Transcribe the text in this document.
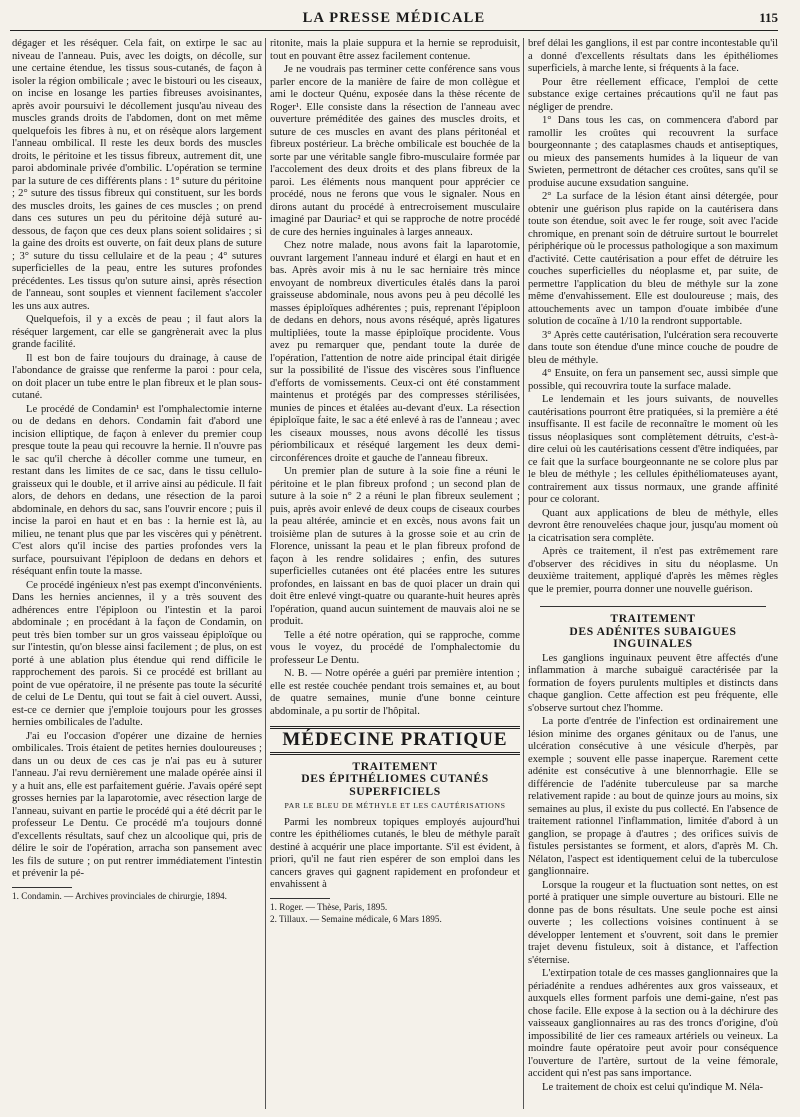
LA PRESSE MÉDICALE	115

dégager et les réséquer. Cela fait, on extirpe le sac au niveau de l'anneau. Puis, avec les doigts, on décolle, sur une certaine étendue, les tissus sous-cutanés, de façon à isoler la région ombilicale ; avec le bistouri ou les ciseaux, on incise en losange les parties fibreuses avoisinantes, après avoir poursuivi le décollement jusqu'au niveau des muscles grands droits de l'abdomen, dont on met même quelquefois les fibres à nu, et on résèque alors largement l'anneau ombilical. Il reste les deux bords des muscles droits, le péritoine et les tissus fibreux, autrement dit, une paroi abdominale privée d'ombilic. L'opération se termine par la suture de ces différents plans : 1° suture du péritoine ; 2° suture des tissus fibreux qui constituent, sur les bords des muscles droits, les gaines de ces muscles ; on prend dans ces sutures un peu du péritoine déjà suturé au-dessous, de façon que ces deux plans soient solidaires ; si la gaine des droits est ouverte, on fait deux plans de suture ; 3° suture du tissu cellulaire et de la peau ; 4° sutures superficielles de la peau, entre les sutures profondes précédentes. Les tissus qu'on suture ainsi, après résection de l'anneau, sont souples et viennent facilement s'accoler les uns aux autres.

Quelquefois, il y a excès de peau ; il faut alors la réséquer largement, car elle se gangrènerait avec la plus grande facilité.

Il est bon de faire toujours du drainage, à cause de l'abondance de graisse que renferme la paroi : pour cela, on doit placer un tube entre le plan fibreux et le plan sous-cutané.

Le procédé de Condamin¹ est l'omphalectomie interne ou de dedans en dehors. Condamin fait d'abord une incision elliptique, de façon à enlever du premier coup presque toute la peau qui recouvre la hernie. Il n'ouvre pas le sac qu'il cherche à décoller comme une tumeur, en restant dans les limites de ce sac, dans le tissu cellulo-graisseux qui le double, et il arrive ainsi au pédicule. Il fait alors, de dehors en dedans, une résection de la paroi abdominale, en dehors du sac, sans l'ouvrir encore ; puis il incise la paroi en haut et en bas : la hernie est là, au milieu, ne tenant plus que par les viscères qui y pénètrent. C'est alors qu'il incise des parties profondes vers la surface, poursuivant l'épiploon de dedans en dehors et réséquant enfin toute la masse.

Ce procédé ingénieux n'est pas exempt d'inconvénients. Dans les hernies anciennes, il y a très souvent des adhérences entre l'épiploon ou l'intestin et la paroi abdominale ; en procédant à la façon de Condamin, on peut très bien tomber sur un gros vaisseau épiploïque ou sur l'intestin, qu'on blesse ainsi facilement ; de plus, on est porté à une ablation plus étendue qui rend difficile le rapprochement des parois. Si ce procédé est brillant au point de vue opératoire, il ne présente pas toute la sécurité de celui de Le Dentu, qui tout se fait à ciel ouvert. Aussi, est-ce ce dernier que j'emploie toujours pour les grosses hernies ombilicales de l'adulte.

J'ai eu l'occasion d'opérer une dizaine de hernies ombilicales. Trois étaient de petites hernies douloureuses ; dans un ou deux de ces cas je n'ai pas eu à suturer l'anneau. J'ai revu dernièrement une malade opérée ainsi il y a huit ans, elle est parfaitement guérie. J'avais opéré sept grosses hernies par la laparotomie, avec résection large de l'anneau, suivant en partie le procédé qui a été décrit par le professeur Le Dentu. Ce procédé m'a toujours donné d'excellents résultats, sauf chez un alcoolique qui, pris de délire le soir de l'opération, arracha son pansement avec les fils de suture ; on put rentrer immédiatement l'intestin et prévenir la pé-

1. Condamin. — Archives provinciales de chirurgie, 1894.

ritonite, mais la plaie suppura et la hernie se reproduisit, tout en pouvant être assez facilement contenue.

Je ne voudrais pas terminer cette conférence sans vous parler encore de la manière de faire de mon collègue et ami le docteur Quénu, exposée dans la thèse récente de Roger¹. Elle consiste dans la résection de l'anneau avec ouverture préméditée des gaines des muscles droits, et suture de ces muscles en avant des plans péritonéal et fibreux postérieur. La brèche ombilicale est bouchée de la sorte par une véritable sangle fibro-musculaire formée par l'accolement des deux droits et des plans fibreux de la paroi. Les éléments nous manquent pour apprécier ce procédé, nous ne ferons que vous le signaler. Nous en dirons autant du procédé à entrecroisement musculaire imaginé par Dauriac² et qui se rapproche de notre procédé de cure des hernies inguinales à larges anneaux.

Chez notre malade, nous avons fait la laparotomie, ouvrant largement l'anneau induré et élargi en haut et en bas. Après avoir mis à nu le sac herniaire très mince envoyant de nombreux diverticules étalés dans la paroi graisseuse abdominale, nous avons peu à peu décollé les masses épiploïques adhérentes ; puis, reprenant l'épiploon de dedans en dehors, nous avons réséqué, après ligatures multipliées, toute la masse épiploïque procidente. Vous avez pu remarquer que, pendant toute la durée de l'opération, l'attention de notre aide principal était dirigée sur la possibilité de l'issue des viscères sous l'influence d'efforts de vomissements. Ceux-ci ont été constamment maintenus et protégés par des compresses stérilisées, munies de pinces et étalées au-devant d'eux. La résection épiploïque faite, le sac a été enlevé à ras de l'anneau ; avec les ciseaux mousses, nous avons décollé les tissus périombilicaux et réséqué largement les deux demi-circonférences droite et gauche de l'anneau fibreux.

Un premier plan de suture à la soie fine a réuni le péritoine et le plan fibreux profond ; un second plan de suture à la soie n° 2 a réuni le plan fibreux seulement ; puis, après avoir enlevé de deux coups de ciseaux courbes la peau altérée, amincie et en excès, nous avons fait un troisième plan de sutures à la grosse soie et au crin de Florence, unissant la peau et le plan fibreux profond de façon à les rendre solidaires ; enfin, des sutures superficielles cutanées ont été placées entre les sutures profondes, en laissant en bas de quoi placer un drain qui doit être enlevé vingt-quatre ou quarante-huit heures après l'opération, quand aucun suintement de mauvais aloi ne se produit.

Telle a été notre opération, qui se rapproche, comme vous le voyez, du procédé de l'omphalectomie du professeur Le Dentu.

N. B. — Notre opérée a guéri par première intention ; elle est restée couchée pendant trois semaines et, au bout de quatre semaines, munie d'une bonne ceinture abdominale, a pu sortir de l'hôpital.

MÉDECINE PRATIQUE
TRAITEMENT
DES ÉPITHÉLIOMES CUTANÉS SUPERFICIELS
PAR LE BLEU DE MÉTHYLE ET LES CAUTÉRISATIONS

Parmi les nombreux topiques employés aujourd'hui contre les épithéliomes cutanés, le bleu de méthyle paraît destiné à acquérir une place importante. S'il est évident, à priori, qu'il ne faut rien espérer de son emploi dans les cancers graves qui gagnent rapidement en profondeur et envahissent à

1. Roger. — Thèse, Paris, 1895.

2. Tillaux. — Semaine médicale, 6 Mars 1895.

bref délai les ganglions, il est par contre incontestable qu'il a donné d'excellents résultats dans les épithéliomes superficiels, à marche lente, si fréquents à la face.

Pour être réellement efficace, l'emploi de cette substance exige certaines précautions qu'il ne faut pas négliger de prendre.

1° Dans tous les cas, on commencera d'abord par ramollir les croûtes qui recouvrent la surface bourgeonnante ; des cataplasmes chauds et antiseptiques, ou mieux des pansements humides à la liqueur de van Swieten, permettront de détacher ces croûtes, sans qu'il se produise aucune exsudation sanguine.

2° La surface de la lésion étant ainsi détergée, pour obtenir une guérison plus rapide on la cautérisera dans toute son étendue, soit avec le fer rouge, soit avec l'acide chromique, en prenant soin de détruire surtout le bourrelet périphérique où le processus pathologique a son maximum d'activité. Cette cautérisation a pour effet de détruire les couches superficielles du néoplasme et, par suite, de permettre l'application du bleu de méthyle sur la zone même d'envahissement. Elle est douloureuse ; mais, des attouchements avec un tampon d'ouate imbibée d'une solution de cocaïne à 1/10 la rendront supportable.

3° Après cette cautérisation, l'ulcération sera recouverte dans toute son étendue d'une mince couche de poudre de bleu de méthyle.

4° Ensuite, on fera un pansement sec, aussi simple que possible, qui recouvrira toute la surface malade.

Le lendemain et les jours suivants, de nouvelles cautérisations pourront être pratiquées, si la première a été insuffisante. Il est facile de reconnaître le moment où les tissus néoplasiques sont complètement détruits, c'est-à-dire celui où les cautérisations cessent d'être indiquées, par ce fait que la surface bourgeonnante ne se colore plus par le bleu de méthyle ; les cellules épithéliomateuses ayant, contrairement aux tissus normaux, une grande affinité pour ce colorant.

Quant aux applications de bleu de méthyle, elles devront être renouvelées chaque jour, jusqu'au moment où la cicatrisation sera complète.

Après ce traitement, il n'est pas extrêmement rare d'observer des récidives in situ du néoplasme. Un deuxième traitement, appliqué d'après les mêmes règles que le premier, pourra donner une nouvelle guérison.

TRAITEMENT
DES ADÉNITES SUBAIGUES INGUINALES

Les ganglions inguinaux peuvent être affectés d'une inflammation à marche subaiguë caractérisée par la formation de foyers purulents multiples et distincts dans chaque ganglion. Cette affection est peu fréquente, elle s'observe surtout chez l'homme.

La porte d'entrée de l'infection est ordinairement une lésion minime des organes génitaux ou de l'anus, une ulcération consécutive à une vésicule d'herpès, par exemple ; souvent elle passe inaperçue. Rarement cette adénite est consécutive à une blennorrhagie. Elle se différencie de l'adénite tuberculeuse par sa marche relativement rapide : au bout de quinze jours au moins, six semaines au plus, il existe du pus collecté. En l'absence de traitement rationnel l'inflammation, limitée d'abord à un ganglion, se propage à d'autres ; des orifices suivis de fistules persistantes se forment, et alors, d'après M. Ch. Nélaton, l'aspect est identiquement celui de la tuberculose ganglionnaire.

Lorsque la rougeur et la fluctuation sont nettes, on est porté à pratiquer une simple ouverture au bistouri. Elle ne donne pas de bons résultats. Une seule poche est ainsi ouverte ; les collections voisines continuent à se développer lentement et s'ouvrent, soit dans le premier trajet devenu fistuleux, soit à distance, et l'affection s'éternise.

L'extirpation totale de ces masses ganglionnaires que la périadénite a rendues adhérentes aux gros vaisseaux, et auxquels elles forment parfois une demi-gaine, n'est pas chose facile. Elle expose à la section ou à la déchirure des vaisseaux ganglionnaires au ras des troncs d'origine, d'où impossibilité de lier ces rameaux artériels ou veineux. La moindre faute opératoire peut avoir pour conséquence l'ouverture de l'artère, surtout de la veine fémorale, accident qui n'est pas sans importance.

Le traitement de choix est celui qu'indique M. Néla-
